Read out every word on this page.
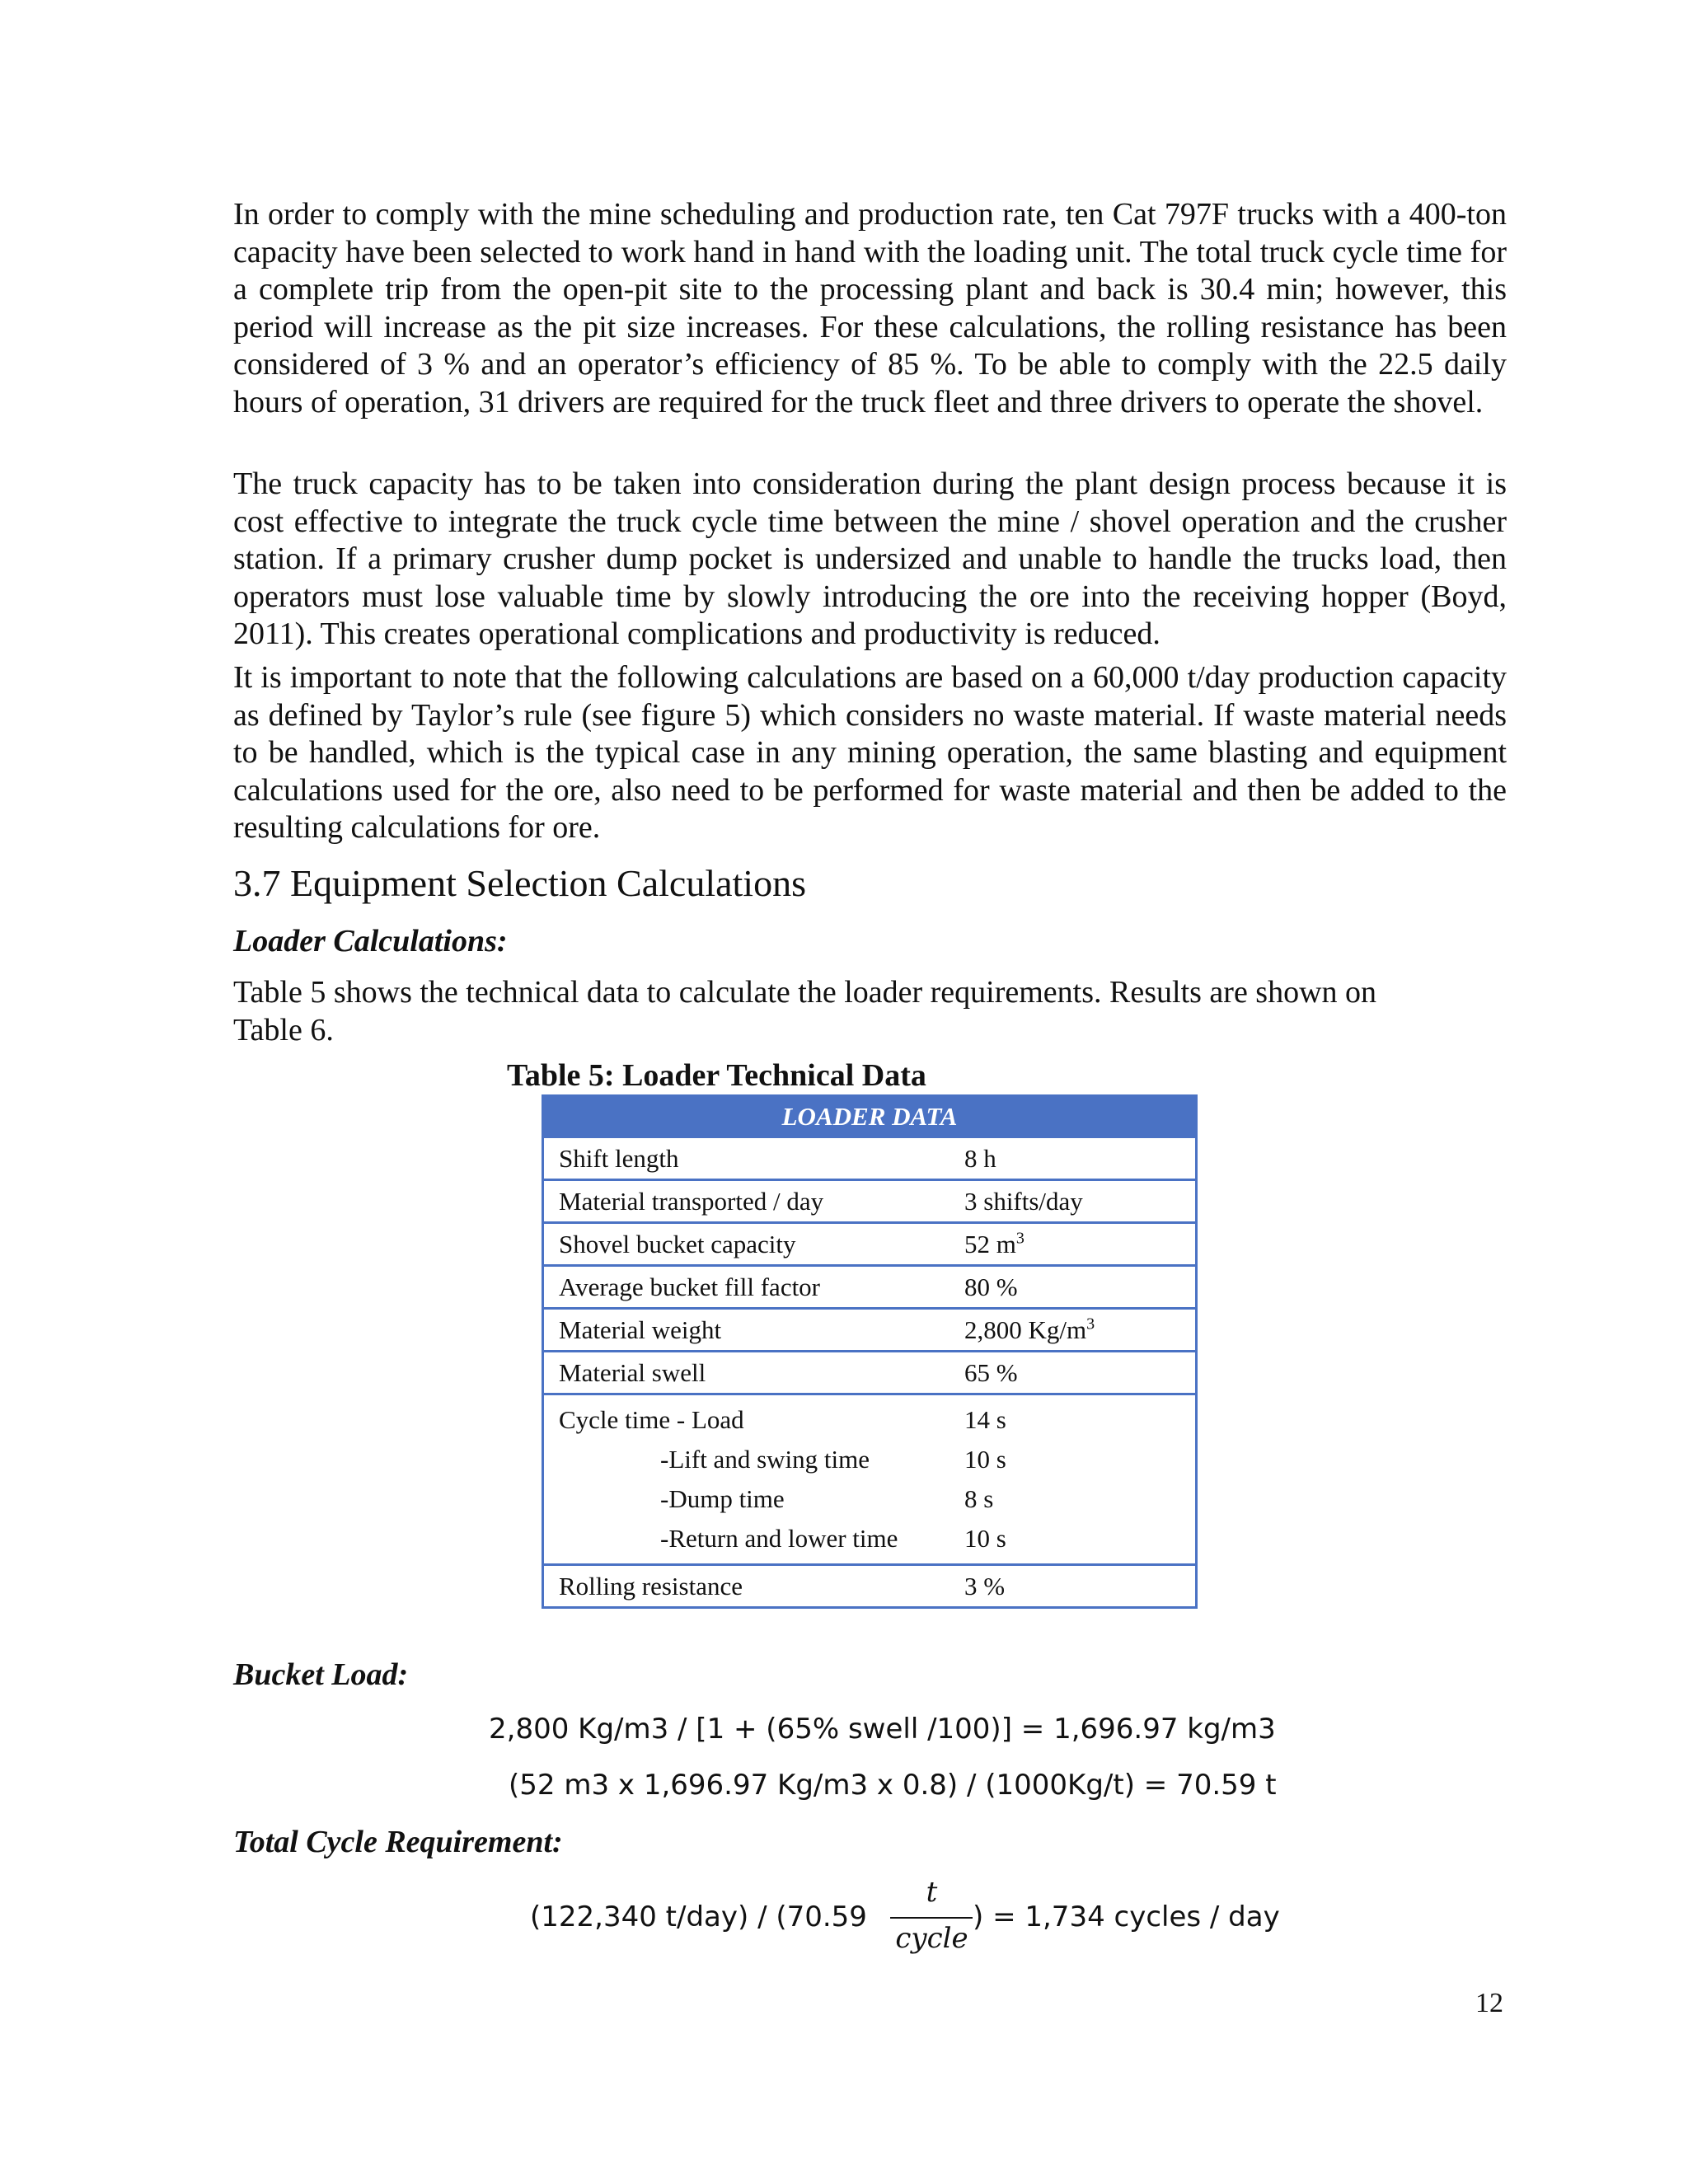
In order to comply with the mine scheduling and production rate, ten Cat 797F trucks with a 400-ton capacity have been selected to work hand in hand with the loading unit. The total truck cycle time for a complete trip from the open-pit site to the processing plant and back is 30.4 min; however, this period will increase as the pit size increases. For these calculations, the rolling resistance has been considered of 3 % and an operator’s efficiency of 85 %. To be able to comply with the 22.5 daily hours of operation, 31 drivers are required for the truck fleet and three drivers to operate the shovel.

The truck capacity has to be taken into consideration during the plant design process because it is cost effective to integrate the truck cycle time between the mine / shovel operation and the crusher station. If a primary crusher dump pocket is undersized and unable to handle the trucks load, then operators must lose valuable time by slowly introducing the ore into the receiving hopper (Boyd, 2011). This creates operational complications and productivity is reduced.

It is important to note that the following calculations are based on a 60,000 t/day production capacity as defined by Taylor’s rule (see figure 5) which considers no waste material. If waste material needs to be handled, which is the typical case in any mining operation, the same blasting and equipment calculations used for the ore, also need to be performed for waste material and then be added to the resulting calculations for ore.

3.7 Equipment Selection Calculations
Loader Calculations:
Table 5 shows the technical data to calculate the loader requirements. Results are shown on
Table 6.
Table 5: Loader Technical Data
LOADER DATA
Shift length	8 h
Material transported / day	3 shifts/day
Shovel bucket capacity	52 $m^3$
Average bucket fill factor	80 %
Material weight	2,800 $Kg/m^3$
Material swell	65 %
Cycle time - Load	14 s
-Lift and swing time	10 s
-Dump time	8 s
-Return and lower time	10 s
Rolling resistance	3 %
Bucket Load:
2,800 Kg/m3 / [1 + (65% swell /100)] = 1,696.97 kg/m3
(52 m3 x 1,696.97 Kg/m3 x 0.8) / (1000Kg/t) = 70.59 t
Total Cycle Requirement:
(122,340 t/day) / (70.59
t
cycle
) = 1,734 cycles / day
12
